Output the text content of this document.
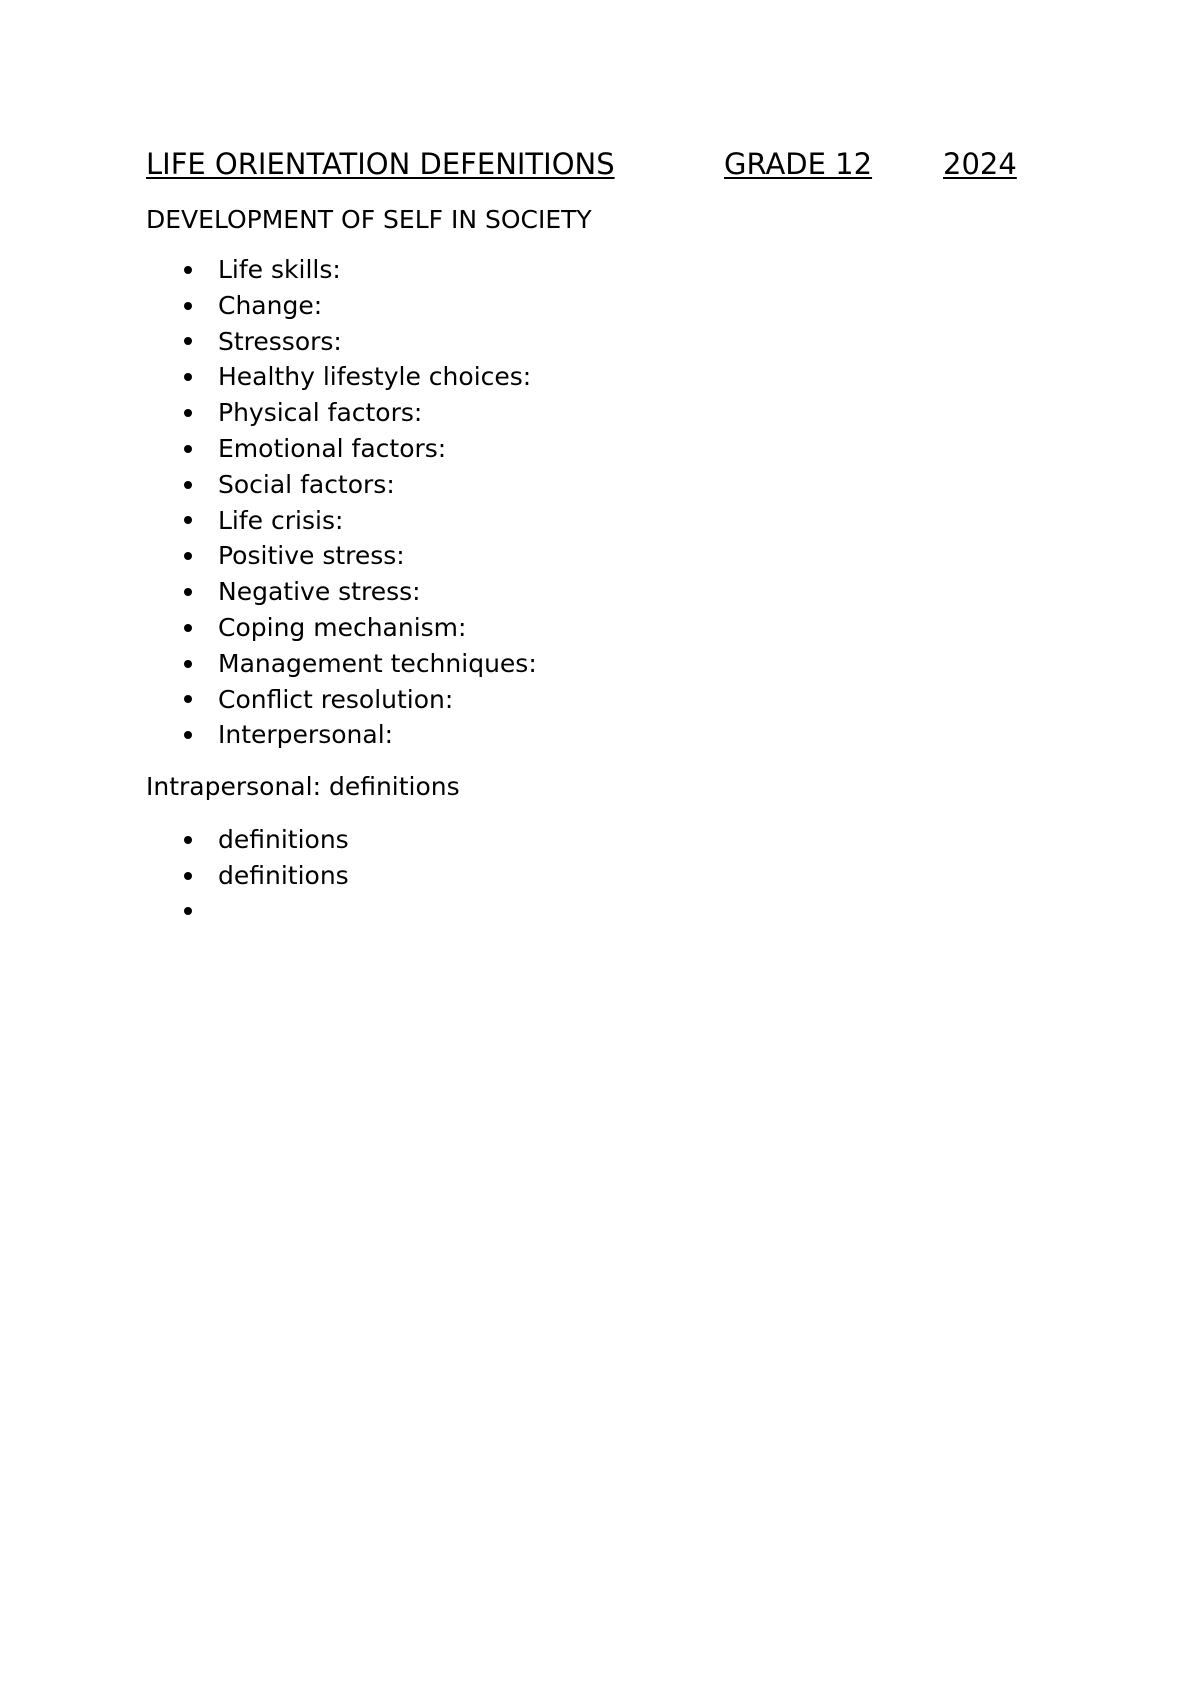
LIFE ORIENTATION DEFENITIONS	GRADE 12 2024
DEVELOPMENT OF SELF IN SOCIETY
Life skills:
Change:
Stressors:
Healthy lifestyle choices:
Physical factors:
Emotional factors:
Social factors:
Life crisis:
Positive stress:
Negative stress:
Coping mechanism:
Management techniques:
Conflict resolution:
Interpersonal:
Intrapersonal: definitions
definitions
definitions
